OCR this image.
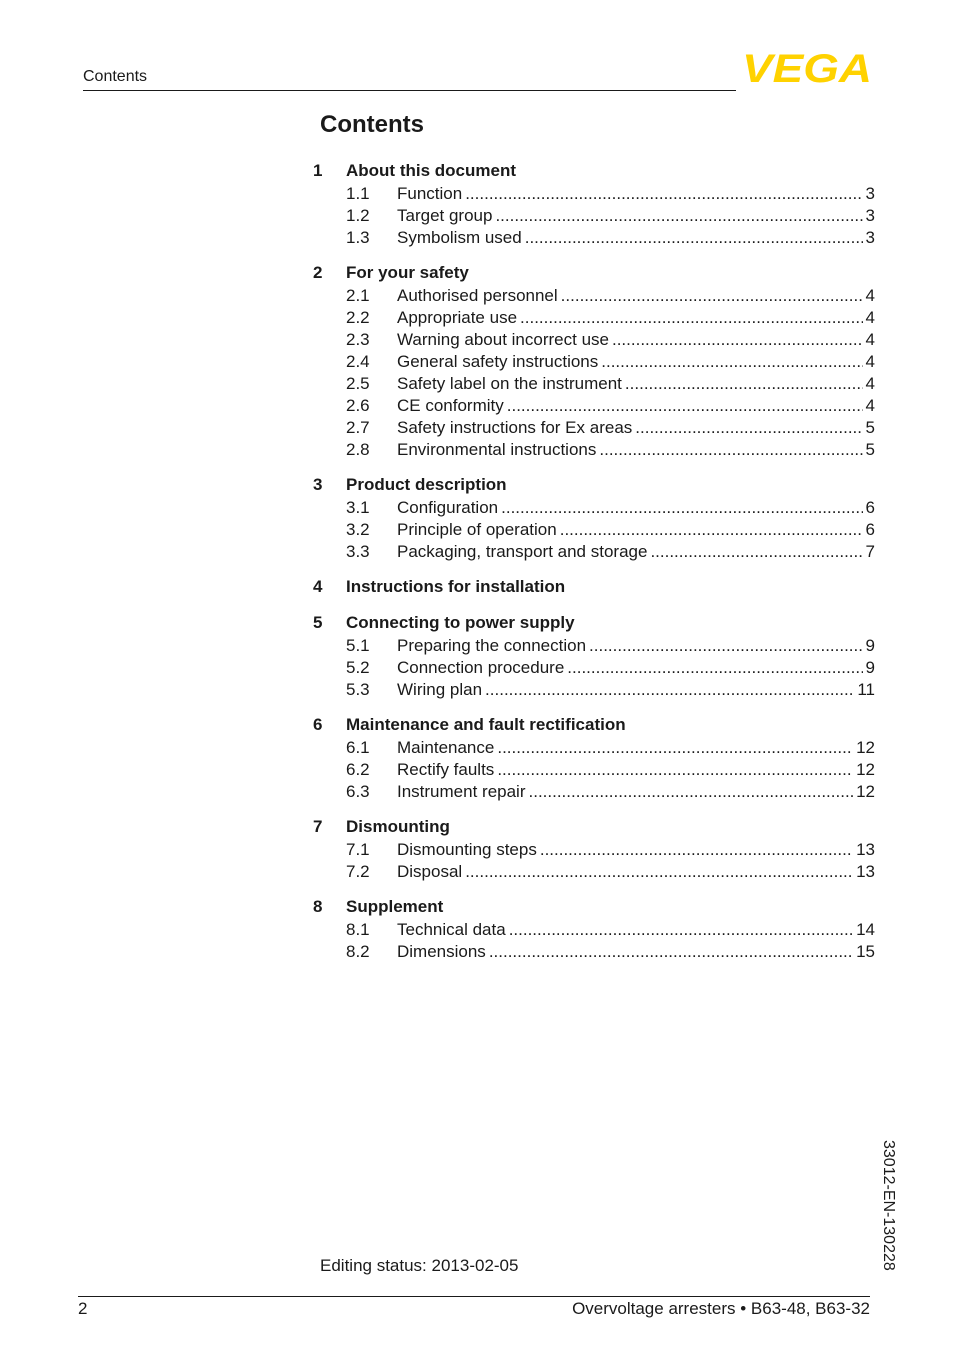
Contents	VEGA
Contents
1	About this document
1.1	Function .....	3
1.2	Target group .....	3
1.3	Symbolism used .....	3
2	For your safety
2.1	Authorised personnel .....	4
2.2	Appropriate use .....	4
2.3	Warning about incorrect use .....	4
2.4	General safety instructions .....	4
2.5	Safety label on the instrument .....	4
2.6	CE conformity .....	4
2.7	Safety instructions for Ex areas .....	5
2.8	Environmental instructions .....	5
3	Product description
3.1	Configuration .....	6
3.2	Principle of operation .....	6
3.3	Packaging, transport and storage .....	7
4	Instructions for installation
5	Connecting to power supply
5.1	Preparing the connection .....	9
5.2	Connection procedure .....	9
5.3	Wiring plan .....	11
6	Maintenance and fault rectification
6.1	Maintenance .....	12
6.2	Rectify faults .....	12
6.3	Instrument repair .....	12
7	Dismounting
7.1	Dismounting steps .....	13
7.2	Disposal .....	13
8	Supplement
8.1	Technical data .....	14
8.2	Dimensions .....	15
Editing status: 2013-02-05	33012-EN-130228
2	Overvoltage arresters • B63-48, B63-32
